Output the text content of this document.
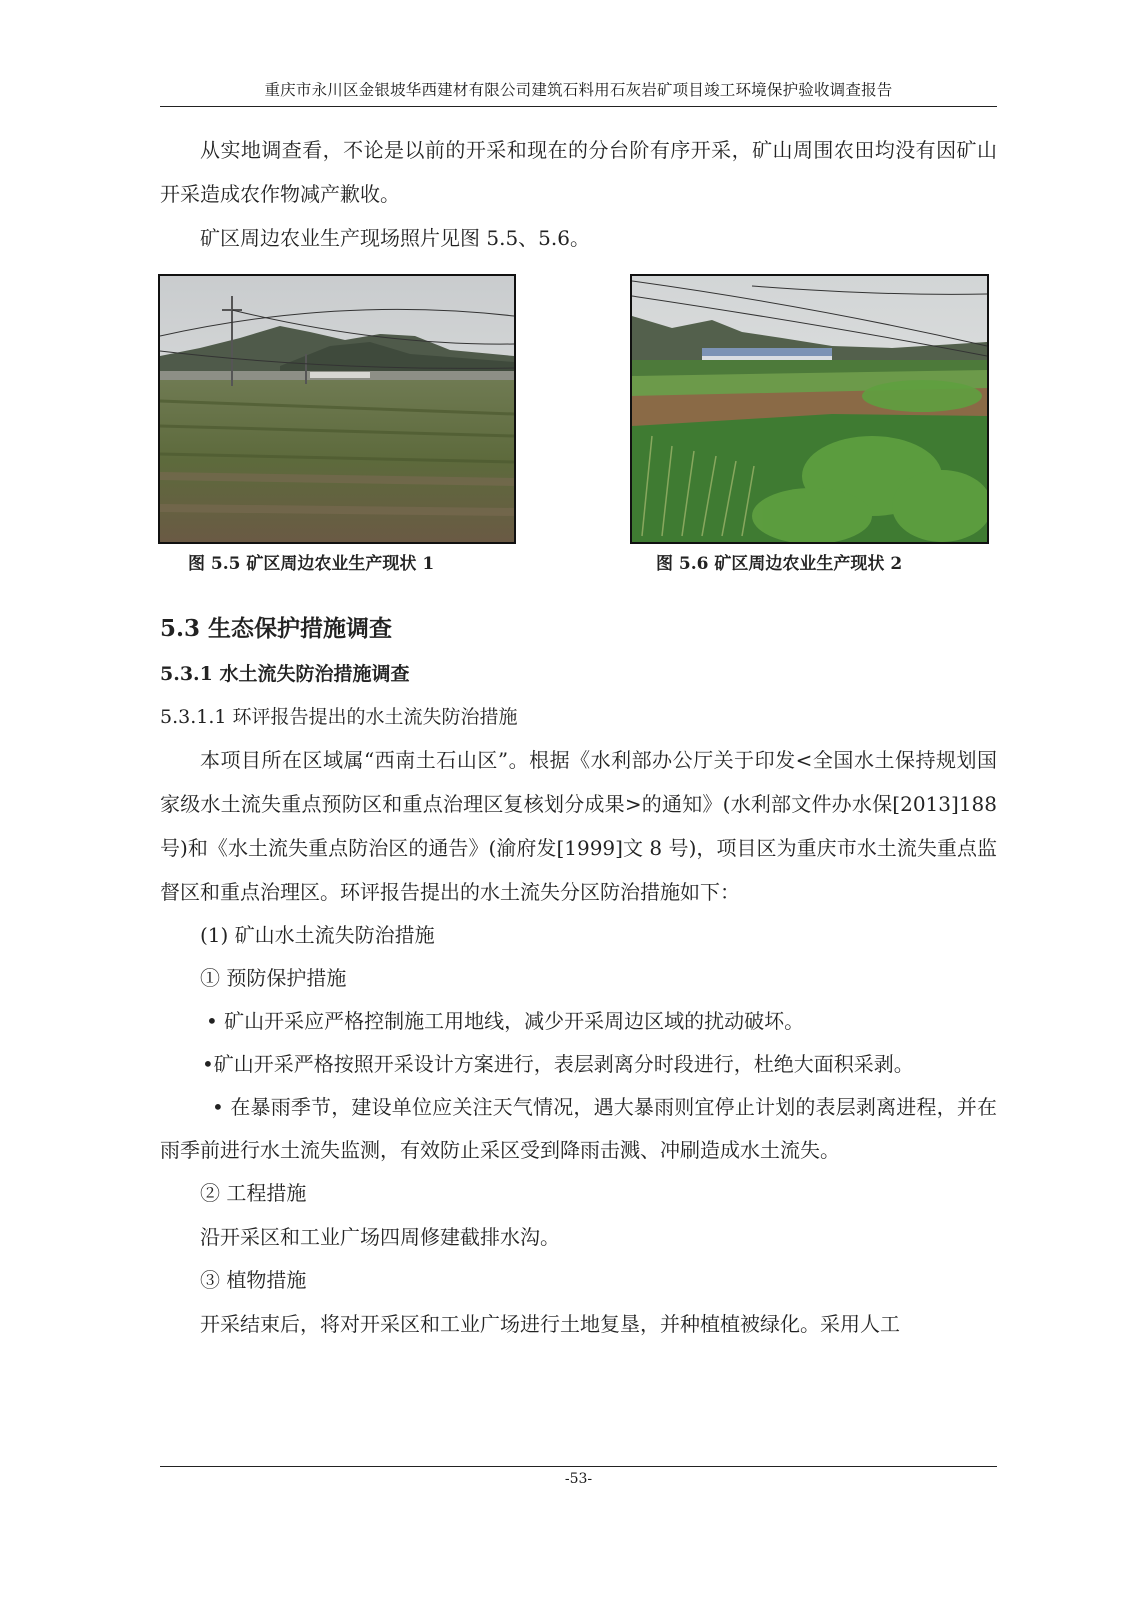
重庆市永川区金银坡华西建材有限公司建筑石料用石灰岩矿项目竣工环境保护验收调查报告

从实地调查看，不论是以前的开采和现在的分台阶有序开采，矿山周围农田均没有因矿山开采造成农作物减产歉收。

矿区周边农业生产现场照片见图 5.5、5.6。

图 5.5 矿区周边农业生产现状 1	图 5.6 矿区周边农业生产现状 2

5.3 生态保护措施调查

5.3.1 水土流失防治措施调查

5.3.1.1 环评报告提出的水土流失防治措施

本项目所在区域属“西南土石山区”。根据《水利部办公厅关于印发<全国水土保持规划国家级水土流失重点预防区和重点治理区复核划分成果>的通知》(水利部文件办水保[2013]188 号)和《水土流失重点防治区的通告》(渝府发[1999]文 8 号)，项目区为重庆市水土流失重点监督区和重点治理区。环评报告提出的水土流失分区防治措施如下：

(1) 矿山水土流失防治措施

① 预防保护措施

• 矿山开采应严格控制施工用地线，减少开采周边区域的扰动破坏。

•矿山开采严格按照开采设计方案进行，表层剥离分时段进行，杜绝大面积采剥。

• 在暴雨季节，建设单位应关注天气情况，遇大暴雨则宜停止计划的表层剥离进程，并在雨季前进行水土流失监测，有效防止采区受到降雨击溅、冲刷造成水土流失。

② 工程措施

沿开采区和工业广场四周修建截排水沟。

③ 植物措施

开采结束后，将对开采区和工业广场进行土地复垦，并种植植被绿化。采用人工

-53-
